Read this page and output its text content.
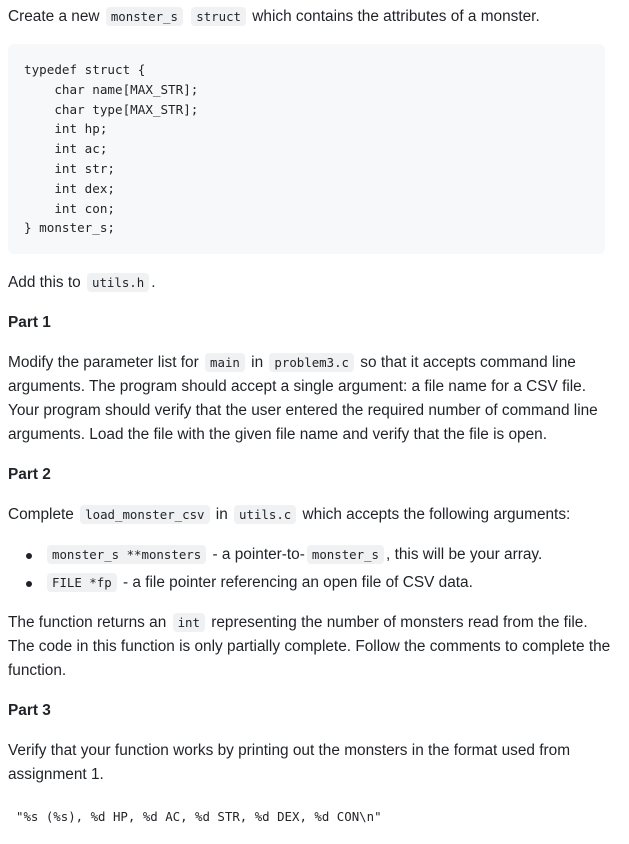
Create a new monster_s struct which contains the attributes of a monster.

typedef struct {
char name[MAX_STR];
char type[MAX_STR];
int hp;
int ac;
int str;
int dex;
int con;
} monster_s;

Add this to utils.h .

Part 1

Modify the parameter list for main in problem3.c so that it accepts command line arguments. The program should accept a single argument: a file name for a CSV file. Your program should verify that the user entered the required number of command line arguments. Load the file with the given file name and verify that the file is open.

Part 2

Complete load_monster_csv in utils.c which accepts the following arguments:

monster_s **monsters - a pointer-to- monster_s , this will be your array.
FILE *fp - a file pointer referencing an open file of CSV data.

The function returns an int representing the number of monsters read from the file. The code in this function is only partially complete. Follow the comments to complete the function.

Part 3

Verify that your function works by printing out the monsters in the format used from assignment 1.

"%s (%s), %d HP, %d AC, %d STR, %d DEX, %d CON\n"
